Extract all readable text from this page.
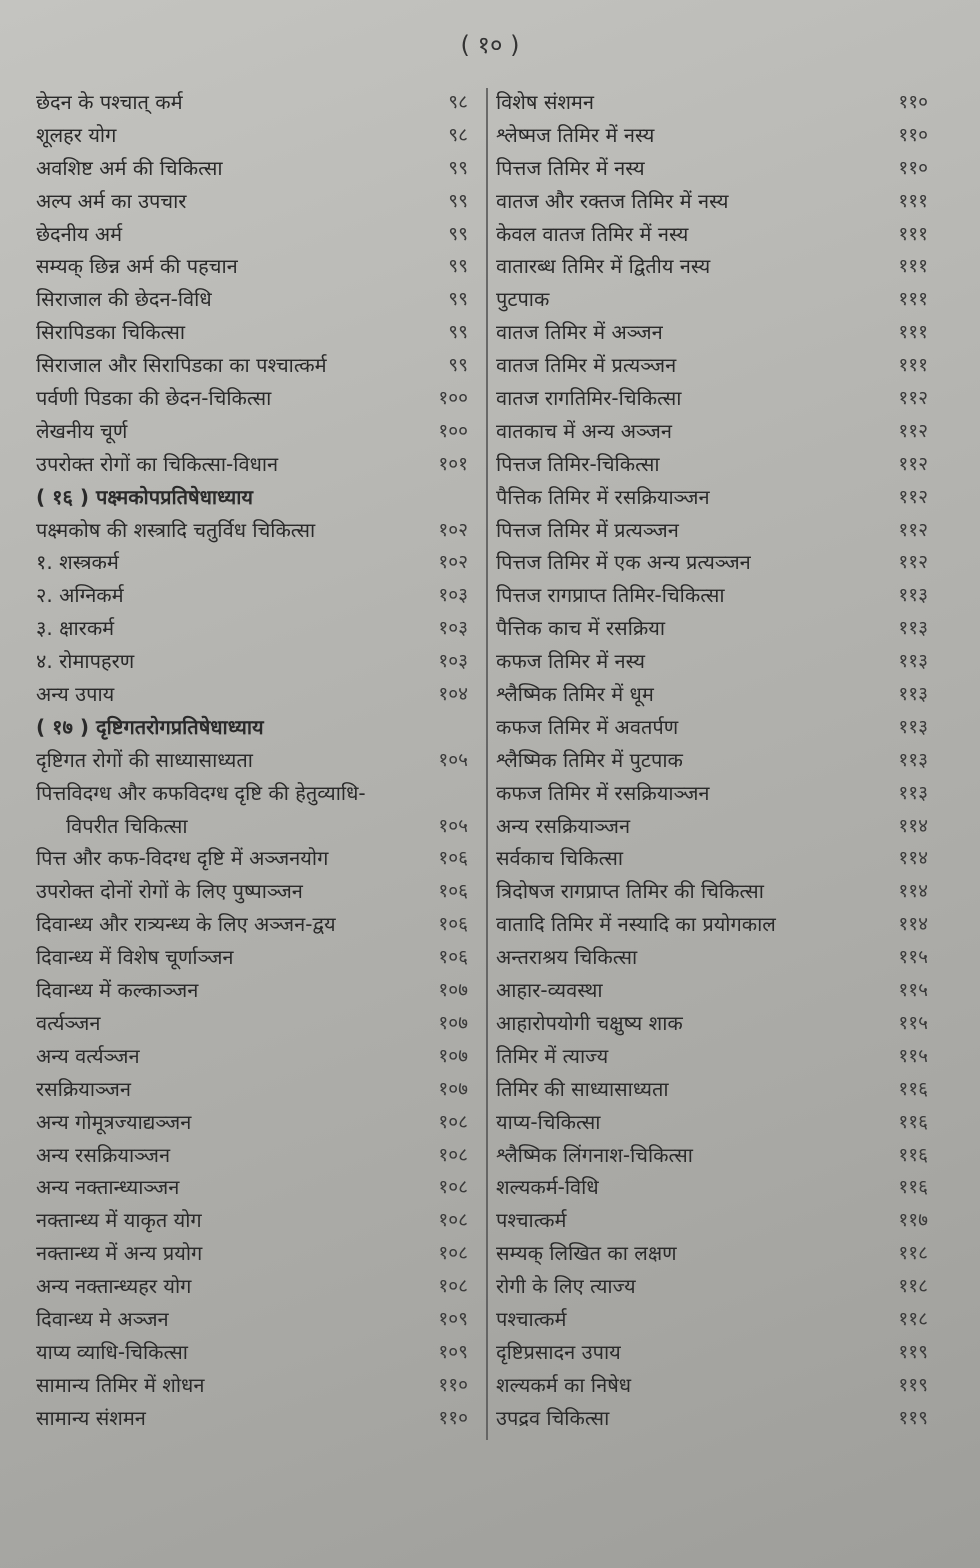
( १० )
छेदन के पश्चात् कर्म	९८
शूलहर योग	९८
अवशिष्ट अर्म की चिकित्सा	९९
अल्प अर्म का उपचार	९९
छेदनीय अर्म	९९
सम्यक् छिन्न अर्म की पहचान	९९
सिराजाल की छेदन-विधि	९९
सिरापिडका चिकित्सा	९९
सिराजाल और सिरापिडका का पश्चात्कर्म	९९
पर्वणी पिडका की छेदन-चिकित्सा	१००
लेखनीय चूर्ण	१००
उपरोक्त रोगों का चिकित्सा-विधान	१०१
( १६ ) पक्ष्मकोपप्रतिषेधाध्याय
पक्ष्मकोष की शस्त्रादि चतुर्विध चिकित्सा	१०२
१. शस्त्रकर्म	१०२
२. अग्निकर्म	१०३
३. क्षारकर्म	१०३
४. रोमापहरण	१०३
अन्य उपाय	१०४
( १७ ) दृष्टिगतरोगप्रतिषेधाध्याय
दृष्टिगत रोगों की साध्यासाध्यता	१०५
पित्तविदग्ध और कफविदग्ध दृष्टि की हेतुव्याधि-
विपरीत चिकित्सा	१०५
पित्त और कफ-विदग्ध दृष्टि में अञ्जनयोग	१०६
उपरोक्त दोनों रोगों के लिए पुष्पाञ्जन	१०६
दिवान्ध्य और रात्र्यन्ध्य के लिए अञ्जन-द्वय	१०६
दिवान्ध्य में विशेष चूर्णाञ्जन	१०६
दिवान्ध्य में कल्काञ्जन	१०७
वर्त्यञ्जन	१०७
अन्य वर्त्यञ्जन	१०७
रसक्रियाञ्जन	१०७
अन्य गोमूत्रज्याद्यञ्जन	१०८
अन्य रसक्रियाञ्जन	१०८
अन्य नक्तान्ध्याञ्जन	१०८
नक्तान्ध्य में याकृत योग	१०८
नक्तान्ध्य में अन्य प्रयोग	१०८
अन्य नक्तान्ध्यहर योग	१०८
दिवान्ध्य मे अञ्जन	१०९
याप्य व्याधि-चिकित्सा	१०९
सामान्य तिमिर में शोधन	११०
सामान्य संशमन	११०
विशेष संशमन	११०
श्लेष्मज तिमिर में नस्य	११०
पित्तज तिमिर में नस्य	११०
वातज और रक्तज तिमिर में नस्य	१११
केवल वातज तिमिर में नस्य	१११
वातारब्ध तिमिर में द्वितीय नस्य	१११
पुटपाक	१११
वातज तिमिर में अञ्जन	१११
वातज तिमिर में प्रत्यञ्जन	१११
वातज रागतिमिर-चिकित्सा	११२
वातकाच में अन्य अञ्जन	११२
पित्तज तिमिर-चिकित्सा	११२
पैत्तिक तिमिर में रसक्रियाञ्जन	११२
पित्तज तिमिर में प्रत्यञ्जन	११२
पित्तज तिमिर में एक अन्य प्रत्यञ्जन	११२
पित्तज रागप्राप्त तिमिर-चिकित्सा	११३
पैत्तिक काच में रसक्रिया	११३
कफज तिमिर में नस्य	११३
श्लैष्मिक तिमिर में धूम	११३
कफज तिमिर में अवतर्पण	११३
श्लैष्मिक तिमिर में पुटपाक	११३
कफज तिमिर में रसक्रियाञ्जन	११३
अन्य रसक्रियाञ्जन	११४
सर्वकाच चिकित्सा	११४
त्रिदोषज रागप्राप्त तिमिर की चिकित्सा	११४
वातादि तिमिर में नस्यादि का प्रयोगकाल	११४
अन्तराश्रय चिकित्सा	११५
आहार-व्यवस्था	११५
आहारोपयोगी चक्षुष्य शाक	११५
तिमिर में त्याज्य	११५
तिमिर की साध्यासाध्यता	११६
याप्य-चिकित्सा	११६
श्लैष्मिक लिंगनाश-चिकित्सा	११६
शल्यकर्म-विधि	११६
पश्चात्कर्म	११७
सम्यक् लिखित का लक्षण	११८
रोगी के लिए त्याज्य	११८
पश्चात्कर्म	११८
दृष्टिप्रसादन उपाय	११९
शल्यकर्म का निषेध	११९
उपद्रव चिकित्सा	११९
